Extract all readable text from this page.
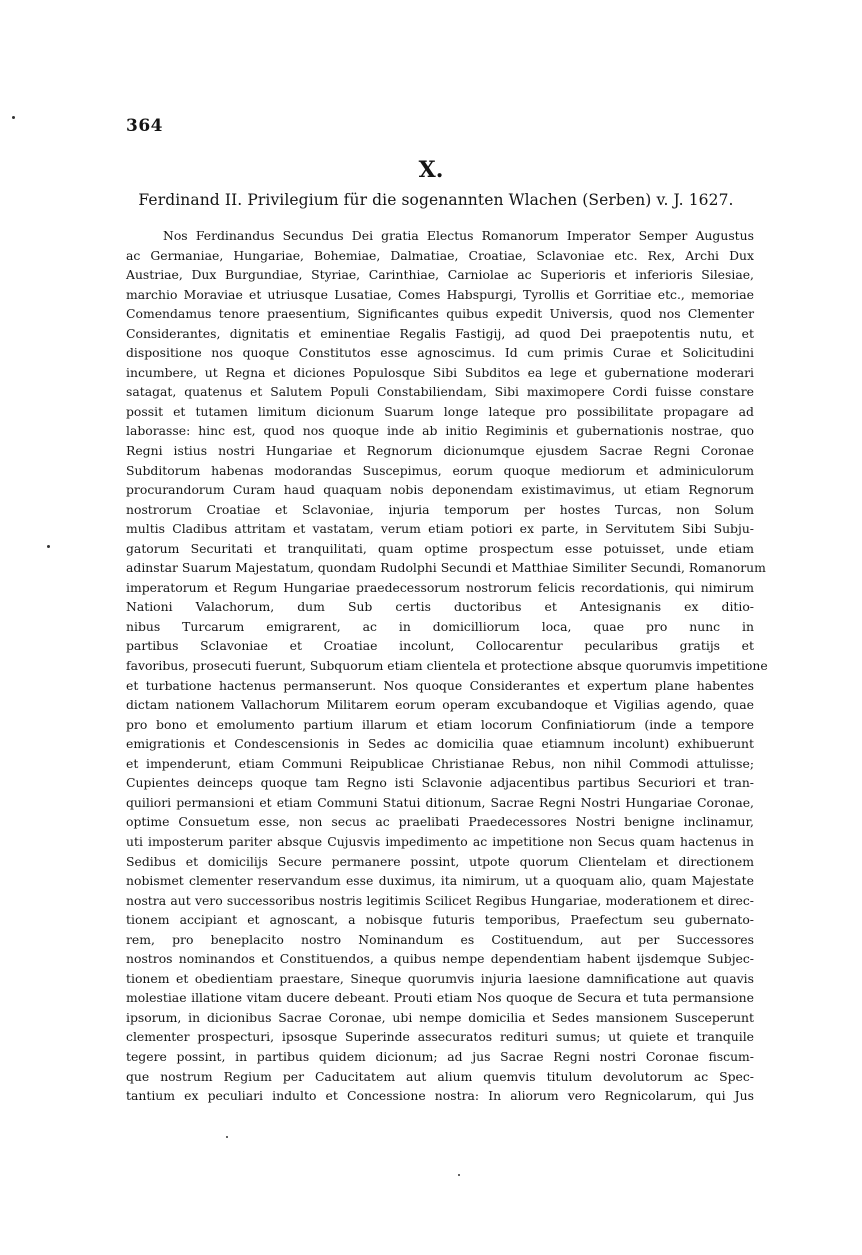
364
X.
Ferdinand II. Privilegium für die sogenannten Wlachen (Serben) v. J. 1627.
Nos Ferdinandus Secundus Dei gratia Electus Romanorum Imperator Semper Augustus
ac Germaniae, Hungariae, Bohemiae, Dalmatiae, Croatiae, Sclavoniae etc. Rex, Archi Dux
Austriae, Dux Burgundiae, Styriae, Carinthiae, Carniolae ac Superioris et inferioris Silesiae,
marchio Moraviae et utriusque Lusatiae, Comes Habspurgi, Tyrollis et Gorritiae etc., memoriae
Comendamus tenore praesentium, Significantes quibus expedit Universis, quod nos Clementer
Considerantes, dignitatis et eminentiae Regalis Fastigij, ad quod Dei praepotentis nutu, et
dispositione nos quoque Constitutos esse agnoscimus. Id cum primis Curae et Solicitudini
incumbere, ut Regna et diciones Populosque Sibi Subditos ea lege et gubernatione moderari
satagat, quatenus et Salutem Populi Constabiliendam, Sibi maximopere Cordi fuisse constare
possit et tutamen limitum dicionum Suarum longe lateque pro possibilitate propagare ad
laborasse: hinc est, quod nos quoque inde ab initio Regiminis et gubernationis nostrae, quo
Regni istius nostri Hungariae et Regnorum dicionumque ejusdem Sacrae Regni Coronae
Subditorum habenas modorandas Suscepimus, eorum quoque mediorum et adminiculorum
procurandorum Curam haud quaquam nobis deponendam existimavimus, ut etiam Regnorum
nostrorum Croatiae et Sclavoniae, injuria temporum per hostes Turcas, non Solum
multis Cladibus attritam et vastatam, verum etiam potiori ex parte, in Servitutem Sibi Subju-
gatorum Securitati et tranquilitati, quam optime prospectum esse potuisset, unde etiam
adinstar Suarum Majestatum, quondam Rudolphi Secundi et Matthiae Similiter Secundi, Romanorum
imperatorum et Regum Hungariae praedecessorum nostrorum felicis recordationis, qui nimirum
Nationi Valachorum, dum Sub certis ductoribus et Antesignanis ex ditio-
nibus Turcarum emigrarent, ac in domicilliorum loca, quae pro nunc in
partibus Sclavoniae et Croatiae incolunt, Collocarentur pecularibus gratijs et
favoribus, prosecuti fuerunt, Subquorum etiam clientela et protectione absque quorumvis impetitione
et turbatione hactenus permanserunt. Nos quoque Considerantes et expertum plane habentes
dictam nationem Vallachorum Militarem eorum operam excubandoque et Vigilias agendo, quae
pro bono et emolumento partium illarum et etiam locorum Confiniatiorum (inde a tempore
emigrationis et Condescensionis in Sedes ac domicilia quae etiamnum incolunt) exhibuerunt
et impenderunt, etiam Communi Reipublicae Christianae Rebus, non nihil Commodi attulisse;
Cupientes deinceps quoque tam Regno isti Sclavonie adjacentibus partibus Securiori et tran-
quiliori permansioni et etiam Communi Statui ditionum, Sacrae Regni Nostri Hungariae Coronae,
optime Consuetum esse, non secus ac praelibati Praedecessores Nostri benigne inclinamur,
uti imposterum pariter absque Cujusvis impedimento ac impetitione non Secus quam hactenus in
Sedibus et domicilijs Secure permanere possint, utpote quorum Clientelam et directionem
nobismet clementer reservandum esse duximus, ita nimirum, ut a quoquam alio, quam Majestate
nostra aut vero successoribus nostris legitimis Scilicet Regibus Hungariae, moderationem et direc-
tionem accipiant et agnoscant, a nobisque futuris temporibus, Praefectum seu gubernato-
rem, pro beneplacito nostro Nominandum es Costituendum, aut per Successores
nostros nominandos et Constituendos, a quibus nempe dependentiam habent ijsdemque Subjec-
tionem et obedientiam praestare, Sineque quorumvis injuria laesione damnificatione aut quavis
molestiae illatione vitam ducere debeant. Prouti etiam Nos quoque de Secura et tuta permansione
ipsorum, in dicionibus Sacrae Coronae, ubi nempe domicilia et Sedes mansionem Susceperunt
clementer prospecturi, ipsosque Superinde assecuratos redituri sumus; ut quiete et tranquile
tegere possint, in partibus quidem dicionum; ad jus Sacrae Regni nostri Coronae fiscum-
que nostrum Regium per Caducitatem aut alium quemvis titulum devolutorum ac Spec-
tantium ex peculiari indulto et Concessione nostra: In aliorum vero Regnicolarum, qui Jus
